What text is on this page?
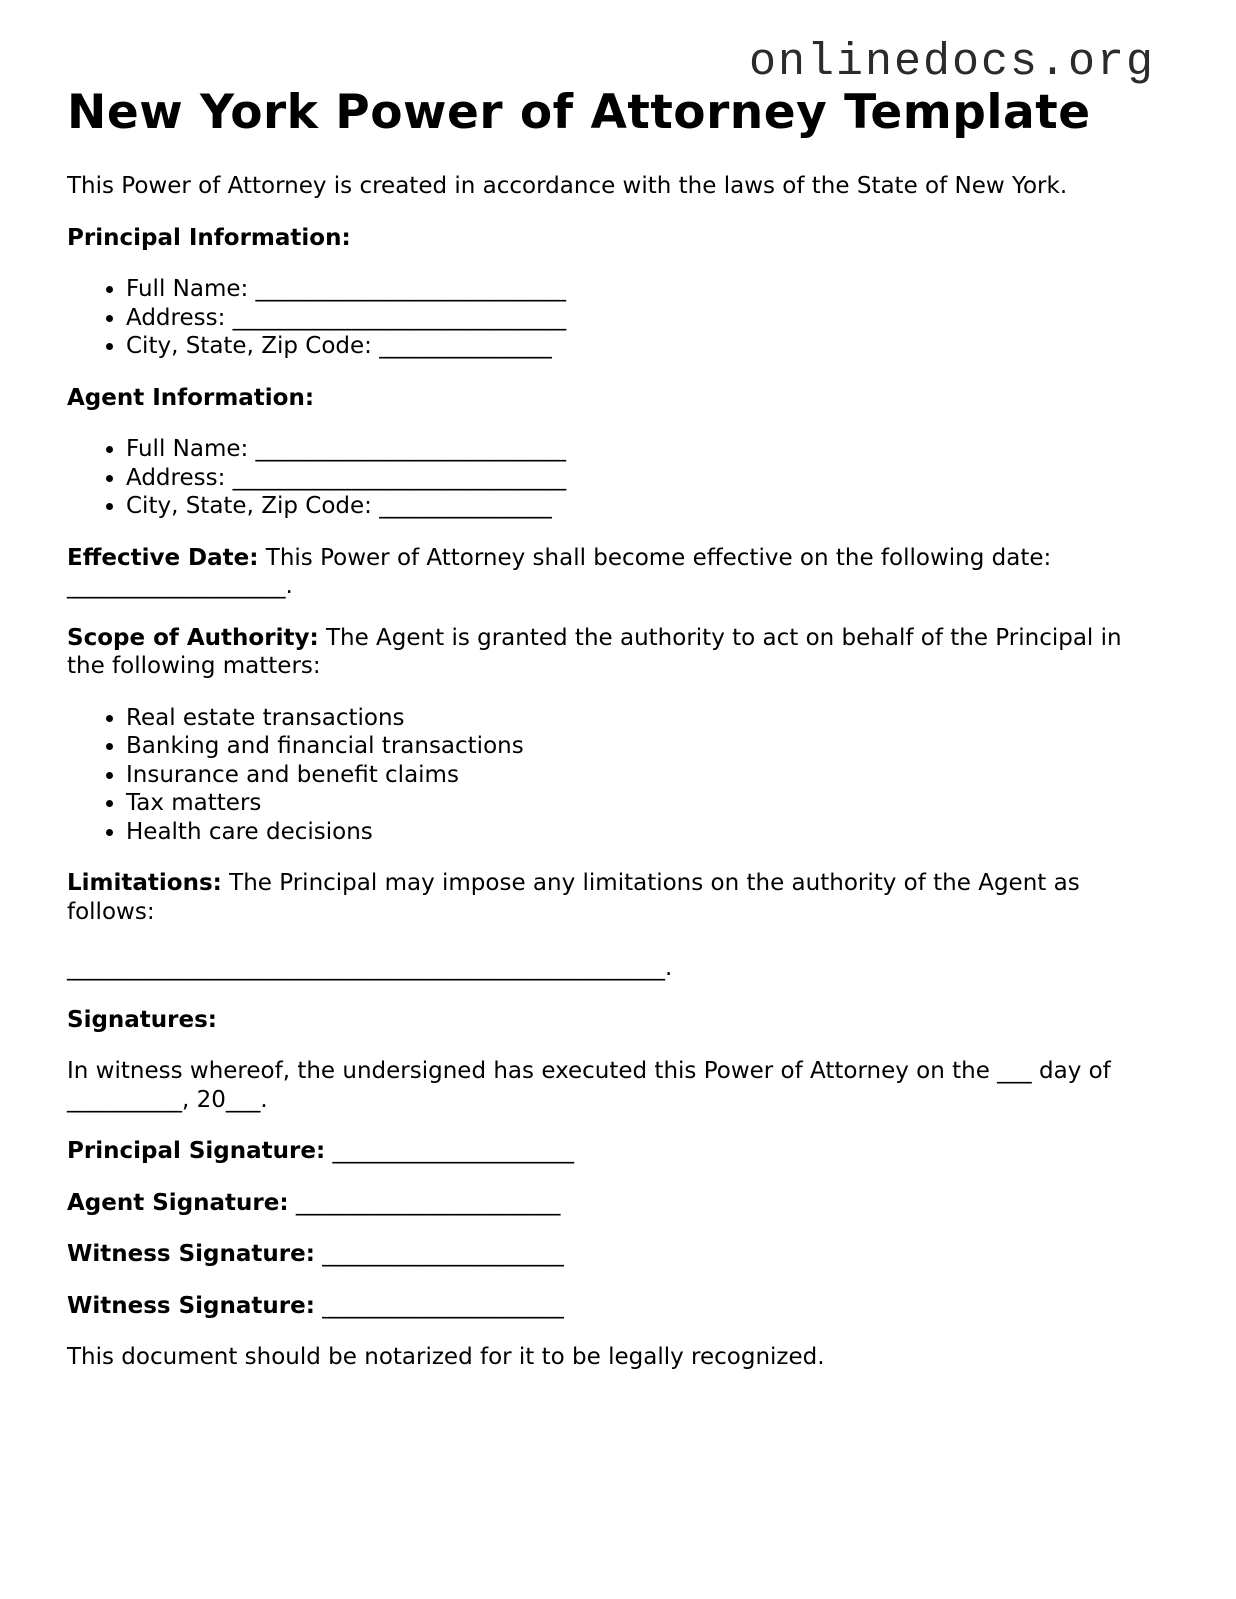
onlinedocs.org
New York Power of Attorney Template

This Power of Attorney is created in accordance with the laws of the State of New York.

Principal Information:

• Full Name: ___________________________
• Address: _____________________________
• City, State, Zip Code: _______________

Agent Information:

• Full Name: ___________________________
• Address: _____________________________
• City, State, Zip Code: _______________

Effective Date: This Power of Attorney shall become effective on the following date: ___________________.

Scope of Authority: The Agent is granted the authority to act on behalf of the Principal in the following matters:

• Real estate transactions
• Banking and financial transactions
• Insurance and benefit claims
• Tax matters
• Health care decisions

Limitations: The Principal may impose any limitations on the authority of the Agent as follows:

____________________________________________________.

Signatures:

In witness whereof, the undersigned has executed this Power of Attorney on the ___ day of __________, 20___.

Principal Signature: _____________________

Agent Signature: _______________________

Witness Signature: _____________________

Witness Signature: _____________________

This document should be notarized for it to be legally recognized.
